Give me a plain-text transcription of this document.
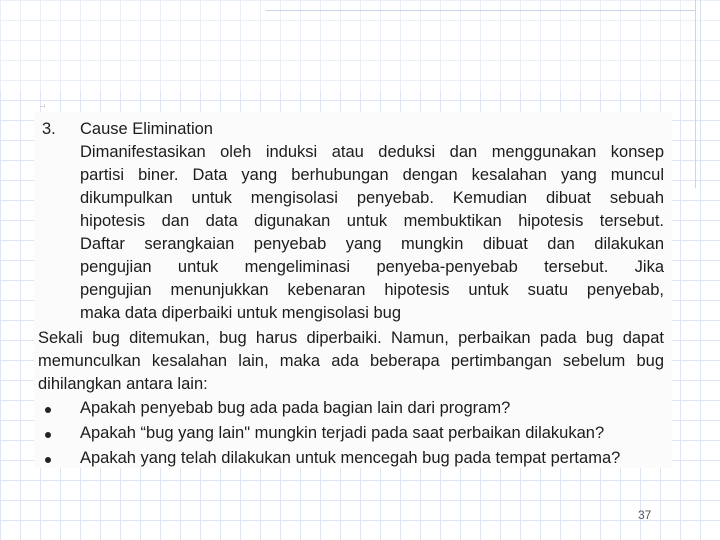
⁻ⁱ
3. Cause Elimination
Dimanifestasikan oleh induksi atau deduksi dan menggunakan konsep
partisi biner. Data yang berhubungan dengan kesalahan yang muncul
dikumpulkan untuk mengisolasi penyebab. Kemudian dibuat sebuah
hipotesis dan data digunakan untuk membuktikan hipotesis tersebut.
Daftar serangkaian penyebab yang mungkin dibuat dan dilakukan
pengujian untuk mengeliminasi penyeba-penyebab tersebut. Jika
pengujian menunjukkan kebenaran hipotesis untuk suatu penyebab,
maka data diperbaiki untuk mengisolasi bug
Sekali bug ditemukan, bug harus diperbaiki. Namun, perbaikan pada bug dapat
memunculkan kesalahan lain, maka ada beberapa pertimbangan sebelum bug
dihilangkan antara lain:
Apakah penyebab bug ada pada bagian lain dari program?
Apakah “bug yang lain" mungkin terjadi pada saat perbaikan dilakukan?
Apakah yang telah dilakukan untuk mencegah bug pada tempat pertama?
37
